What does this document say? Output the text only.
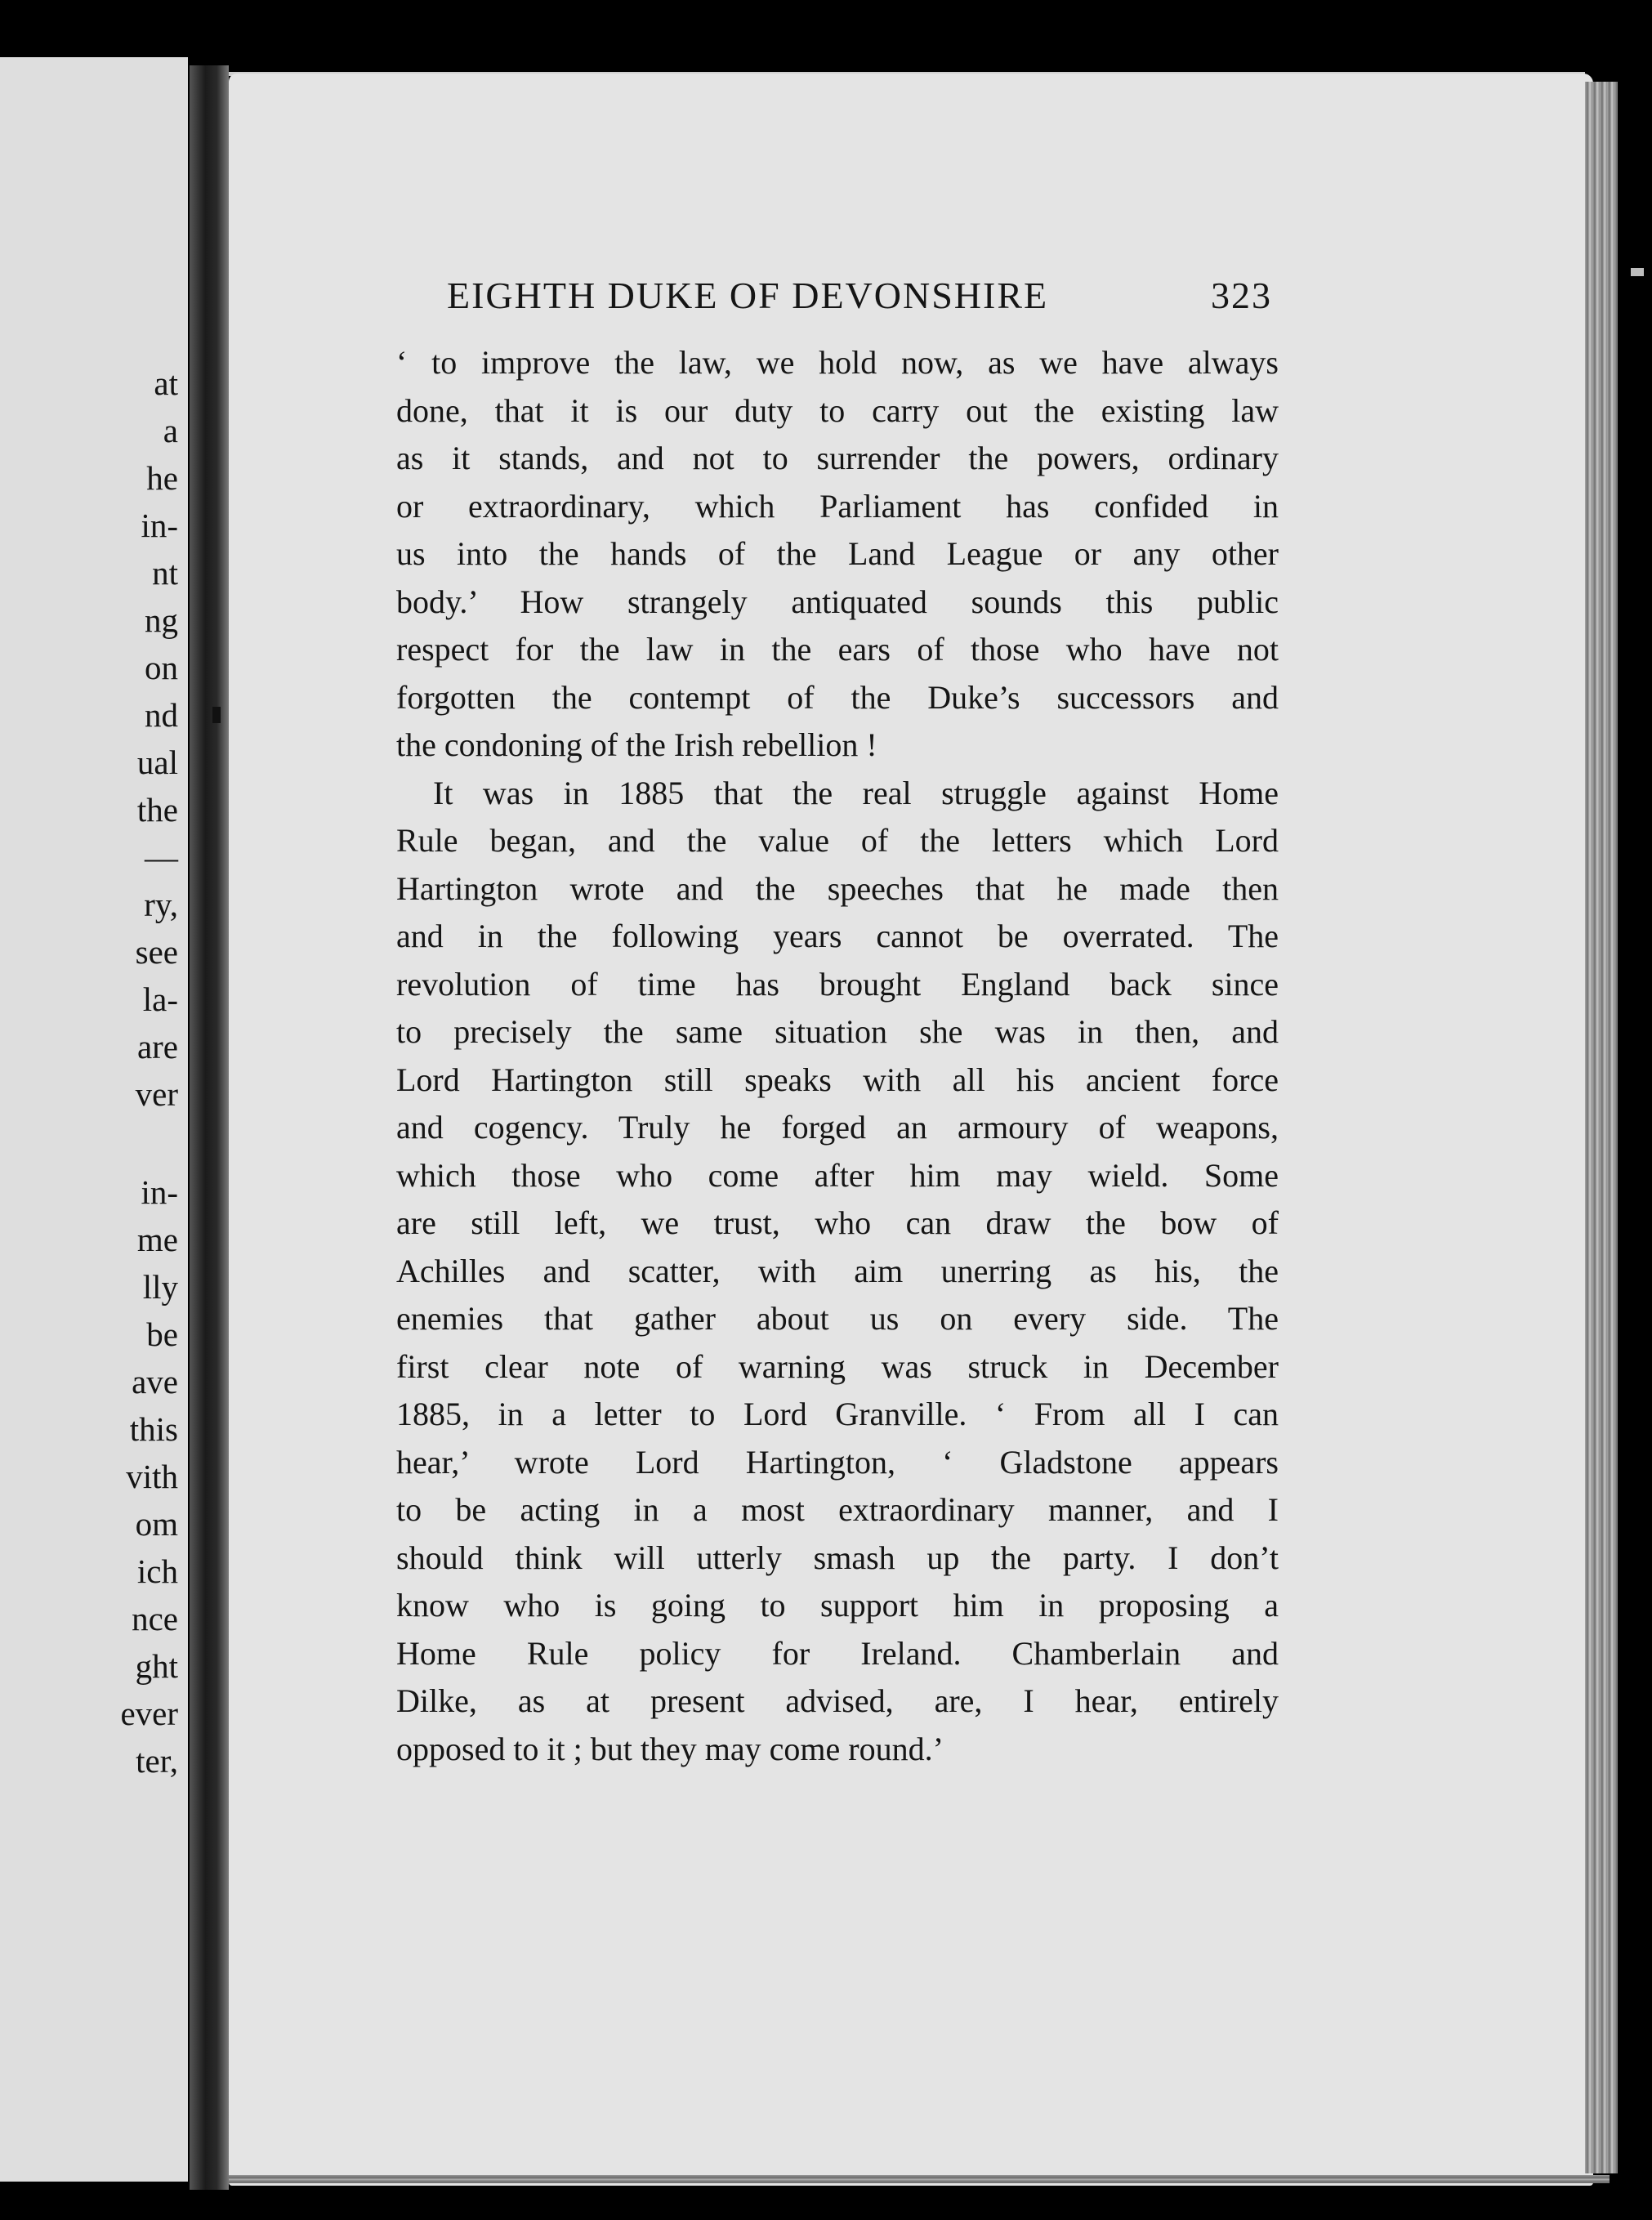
at
a
he
in-
nt
ng
on
nd
ual
the
—
ry,
see
la-
are
ver
in-
me
lly
be
ave
this
vith
om
ich
nce
ght
ever
ter,
EIGHTH DUKE OF DEVONSHIRE	323
‘ to improve the law, we hold now, as we have always
done, that it is our duty to carry out the existing law
as it stands, and not to surrender the powers, ordinary
or extraordinary, which Parliament has confided in
us into the hands of the Land League or any other
body.’ How strangely antiquated sounds this public
respect for the law in the ears of those who have not
forgotten the contempt of the Duke’s successors and
the condoning of the Irish rebellion !
It was in 1885 that the real struggle against Home
Rule began, and the value of the letters which Lord
Hartington wrote and the speeches that he made then
and in the following years cannot be overrated. The
revolution of time has brought England back since
to precisely the same situation she was in then, and
Lord Hartington still speaks with all his ancient force
and cogency. Truly he forged an armoury of weapons,
which those who come after him may wield. Some
are still left, we trust, who can draw the bow of
Achilles and scatter, with aim unerring as his, the
enemies that gather about us on every side. The
first clear note of warning was struck in December
1885, in a letter to Lord Granville. ‘ From all I can
hear,’ wrote Lord Hartington, ‘ Gladstone appears
to be acting in a most extraordinary manner, and I
should think will utterly smash up the party. I don’t
know who is going to support him in proposing a
Home Rule policy for Ireland. Chamberlain and
Dilke, as at present advised, are, I hear, entirely
opposed to it ; but they may come round.’
